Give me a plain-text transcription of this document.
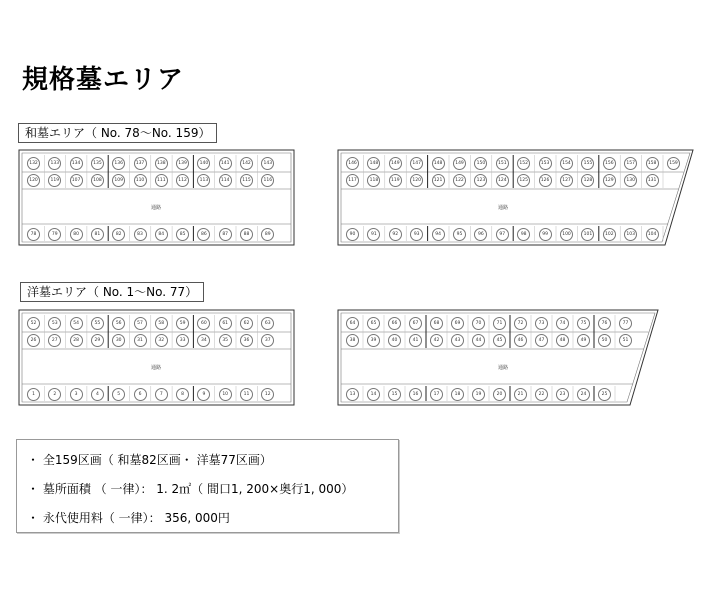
規格墓エリア
和墓エリア（ No. 78～No. 159）
132	133	134	135	136	137	138	139	140	141	142	143
120	119	107	108	109	110	111	112	113	114	115	116
78	79	80	81	82	83	84	85	86	87	88	89
通路
146	148	149	147	148	149	150	151	152	153	154	155	156	157	158	159
117	118	119	120	121	122	123	124	125	126	127	128	129	130	131
90	91	92	93	94	95	96	97	98	99	100	101	102	103	104
通路
洋墓エリア（ No. 1～No. 77）
52	53	54	55	56	57	58	59	60	61	62	63
26	27	28	29	30	31	32	33	34	35	36	37
1	2	3	4	5	6	7	8	9	10	11	12
通路
64	65	66	67	68	69	70	71	72	73	74	75	76	77
38	39	40	41	42	43	44	45	46	47	48	49	50	51
13	14	15	16	17	18	19	20	21	22	23	24	25
通路
・ 全159区画（ 和墓82区画・ 洋墓77区画）
・ 墓所面積 （ 一律）： 1. 2㎡（ 間口1, 200×奥行1, 000）
・ 永代使用料（ 一律）： 356, 000円
